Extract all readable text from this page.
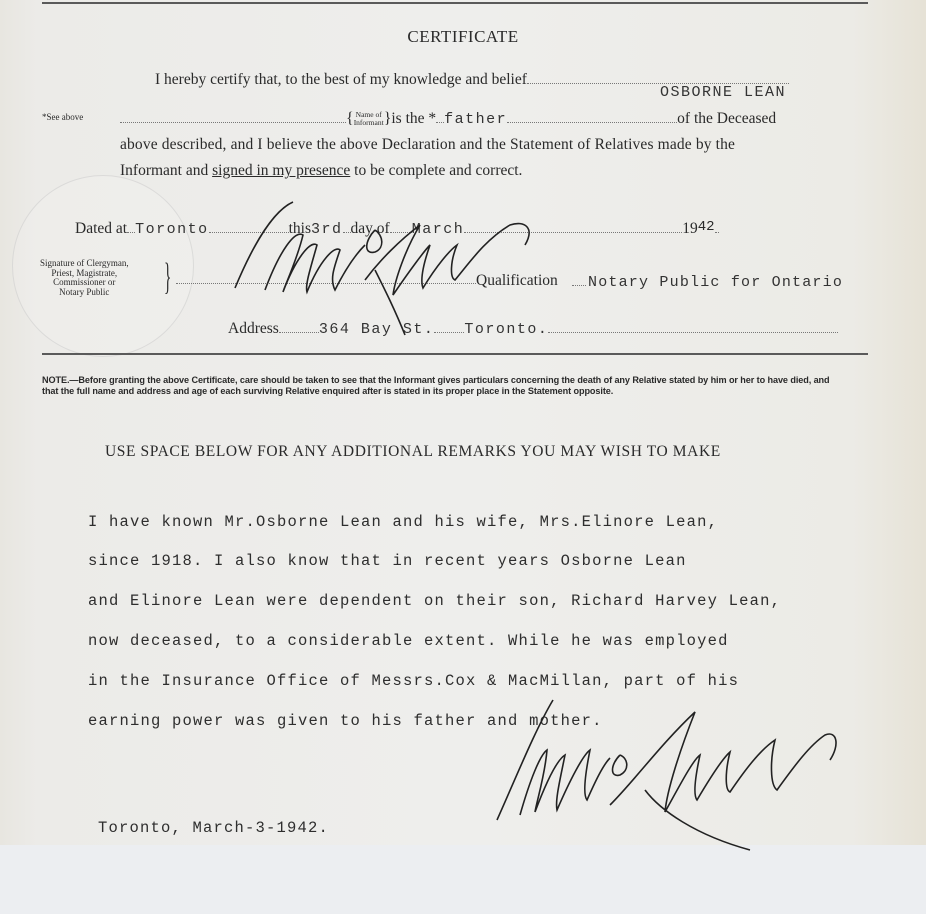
CERTIFICATE
I hereby certify that, to the best of my knowledge and belief
OSBORNE LEAN
*See above	{ Name of
Informant}is the * father	of the Deceased
above described, and I believe the above Declaration and the Statement of Relatives made by the
Informant and signed in my presence to be complete and correct.
Dated at Toronto	this3rd day of March	1942
Signature of Clergyman,
Priest, Magistrate,
Commissioner or
Notary Public	}	Qualification Notary Public for Ontario
Address	364 Bay St. Toronto.
NOTE.—Before granting the above Certificate, care should be taken to see that the Informant gives particulars concerning the death of any Relative stated by him or her to have died, and that the full name and address and age of each surviving Relative enquired after is stated in its proper place in the Statement opposite.
USE SPACE BELOW FOR ANY ADDITIONAL REMARKS YOU MAY WISH TO MAKE
I have known Mr.Osborne Lean and his wife, Mrs.Elinore Lean,
since 1918. I also know that in recent years Osborne Lean
and Elinore Lean were dependent on their son, Richard Harvey Lean,
now deceased, to a considerable extent. While he was employed
in the Insurance Office of Messrs.Cox & MacMillan, part of his
earning power was given to his father and mother.
Toronto, March-3-1942.
